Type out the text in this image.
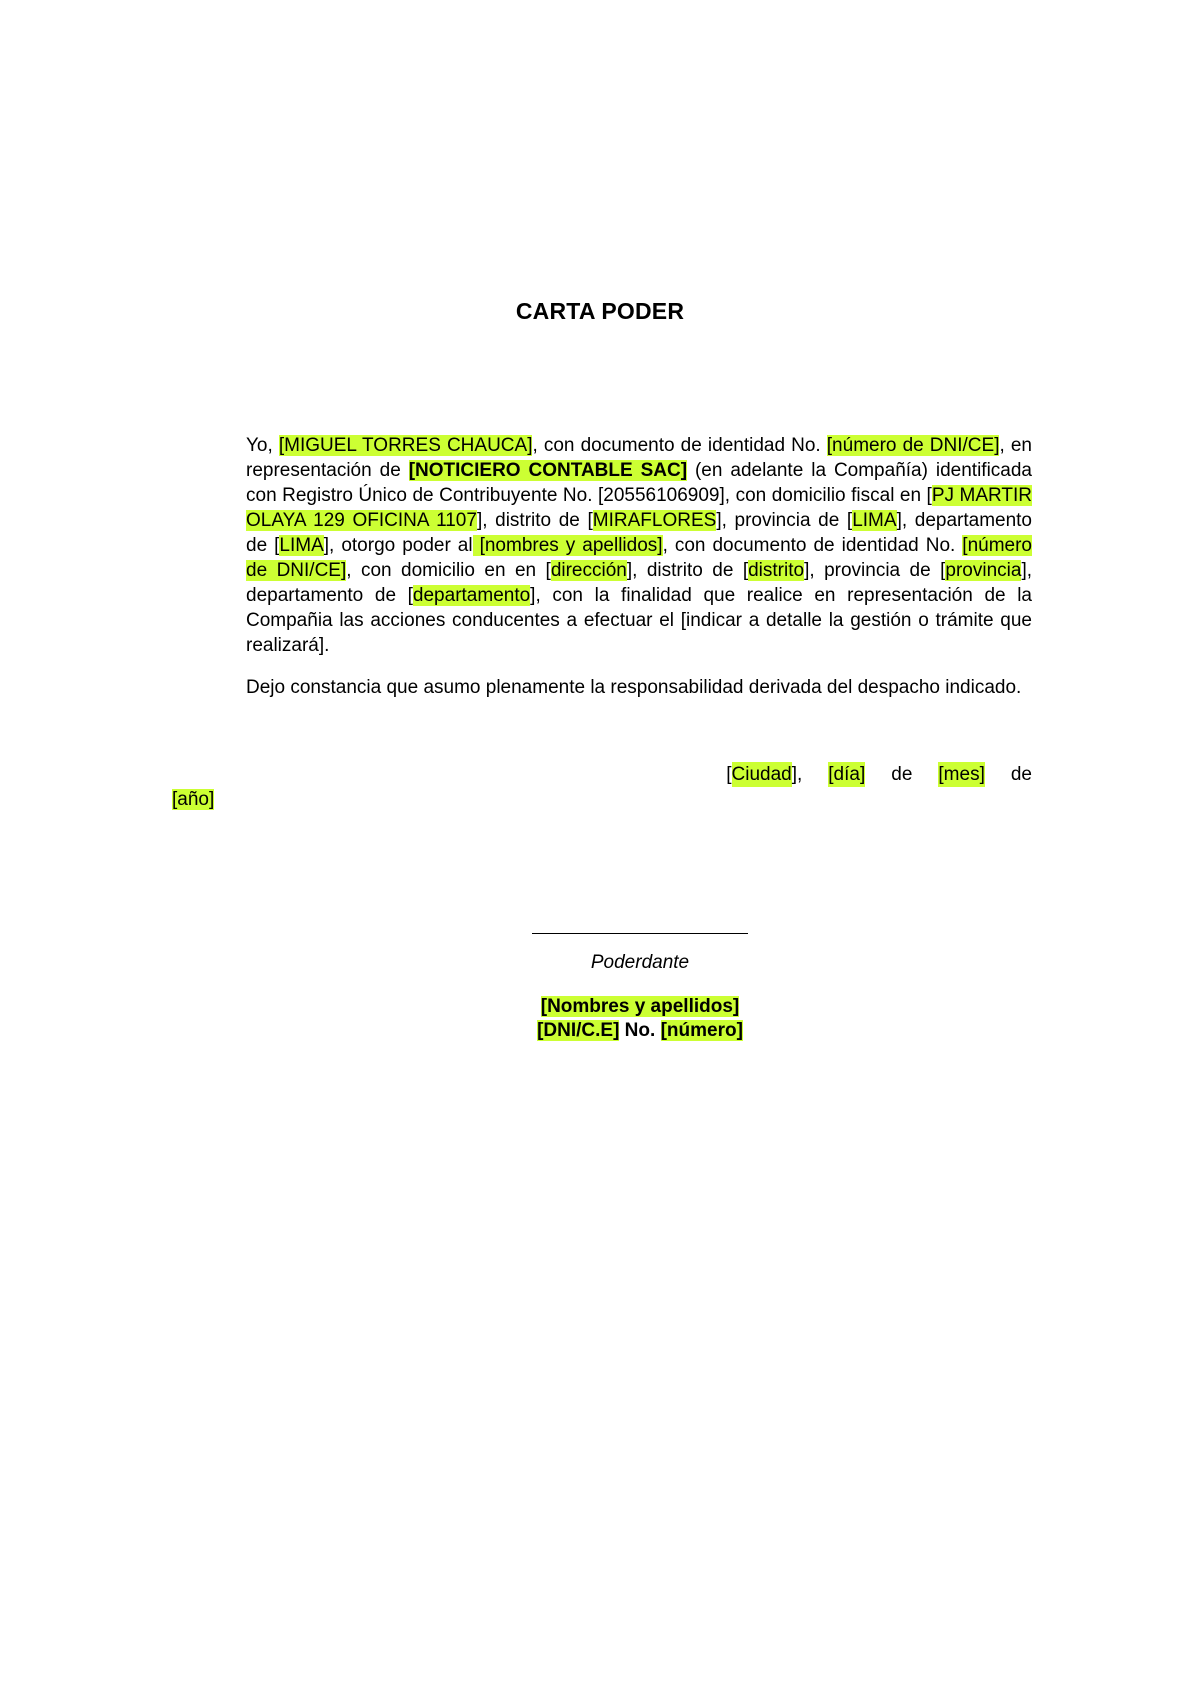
CARTA PODER
Yo, [MIGUEL TORRES CHAUCA], con documento de identidad No. [número de DNI/CE], en representación de [NOTICIERO CONTABLE SAC] (en adelante la Compañía) identificada con Registro Único de Contribuyente No. [20556106909], con domicilio fiscal en [PJ MARTIR OLAYA 129 OFICINA 1107], distrito de [MIRAFLORES], provincia de [LIMA], departamento de [LIMA], otorgo poder al [nombres y apellidos], con documento de identidad No. [número de DNI/CE], con domicilio en en [dirección], distrito de [distrito], provincia de [provincia], departamento de [departamento], con la finalidad que realice en representación de la Compañia las acciones conducentes a efectuar el [indicar a detalle la gestión o trámite que realizará].
Dejo constancia que asumo plenamente la responsabilidad derivada del despacho indicado.
[ Ciudad ], [día] de [mes] de
[año]
Poderdante
[Nombres y apellidos]
[DNI/C.E] No. [número]
